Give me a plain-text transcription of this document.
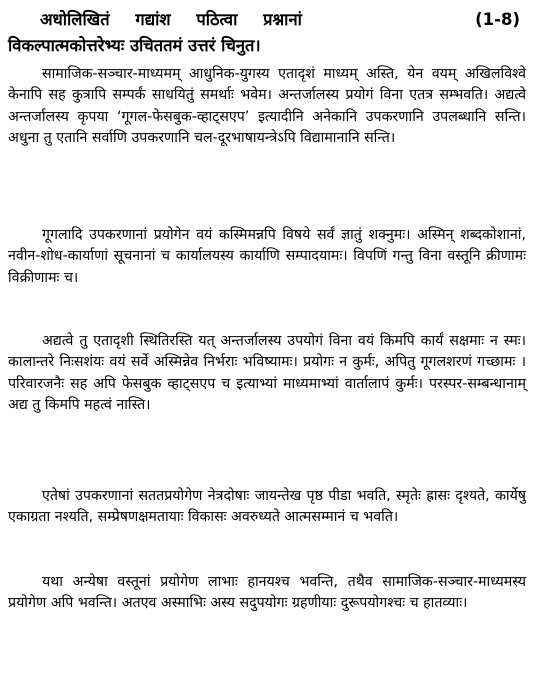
अधोलिखितं गद्यांश पठित्वा प्रश्नानां	(1-8)
विकल्पात्मकोत्तरेभ्यः उचिततमं उत्तरं चिनुत।

सामाजिक-सञ्चार-माध्यमम् आधुनिक-युगस्य एतादृशं माध्यम् अस्ति, येन वयम् अखिलविश्वे केनापि सह कुत्रापि सम्पर्कं साधयितुं समर्थाः भवेम। अन्तर्जालस्य प्रयोगं विना एतत्र सम्भवति। अद्यत्वे अन्तर्जालस्य कृपया ‘गूगल-फेसबुक-व्हाट्सएप’ इत्यादीनि अनेकानि उपकरणानि उपलब्धानि सन्ति। अधुना तु एतानि सर्वाणि उपकरणानि चल-दूरभाषायन्त्रेऽपि विद्यामानानि सन्ति।

गूगलादि उपकरणानां प्रयोगेन वयं कस्मिमन्नपि विषये सर्वं ज्ञातुं शक्नुमः। अस्मिन् शब्दकोशानां, नवीन-शोध-कार्याणां सूचनानां च कार्यालयस्य कार्याणि सम्पादयामः। विपणिं गन्तु विना वस्तूनि क्रीणामः विक्रीणामः च।

अद्यत्वे तु एतादृशी स्थितिरस्ति यत् अन्तर्जालस्य उपयोगं विना वयं किमपि कार्यं सक्षमाः न स्मः। कालान्तरे निःसशंयः वयं सर्वे अस्मिन्नेव निर्भराः भविष्यामः। प्रयोगः न कुर्मः, अपितु गूगलशरणं गच्छामः । परिवारजनैः सह अपि फेसबुक व्हाट्सएप च इत्याभ्यां माध्यमाभ्यां वार्तालापं कुर्मः। परस्पर-सम्बन्धानाम् अद्य तु किमपि महत्वं नास्ति।

एतेषां उपकरणानां सततप्रयोगेण नेत्रदोषाः जायन्तेख पृष्ठ पीडा भवति, स्मृतेः ह्रासः दृश्यते, कार्येषु एकाग्रता नश्यति, सम्प्रेषणक्षमतायाः विकासः अवरुध्यते आत्मसम्मानं च भवति।

यथा अन्येषा वस्तूनां प्रयोगेण लाभाः हानयश्च भवन्ति, तथैव सामाजिक-सञ्चार-माध्यमस्य प्रयोगेण अपि भवन्ति। अतएव अस्माभिः अस्य सदुपयोगः ग्रहणीयाः दुरूपयोगश्चः च हातव्याः।
